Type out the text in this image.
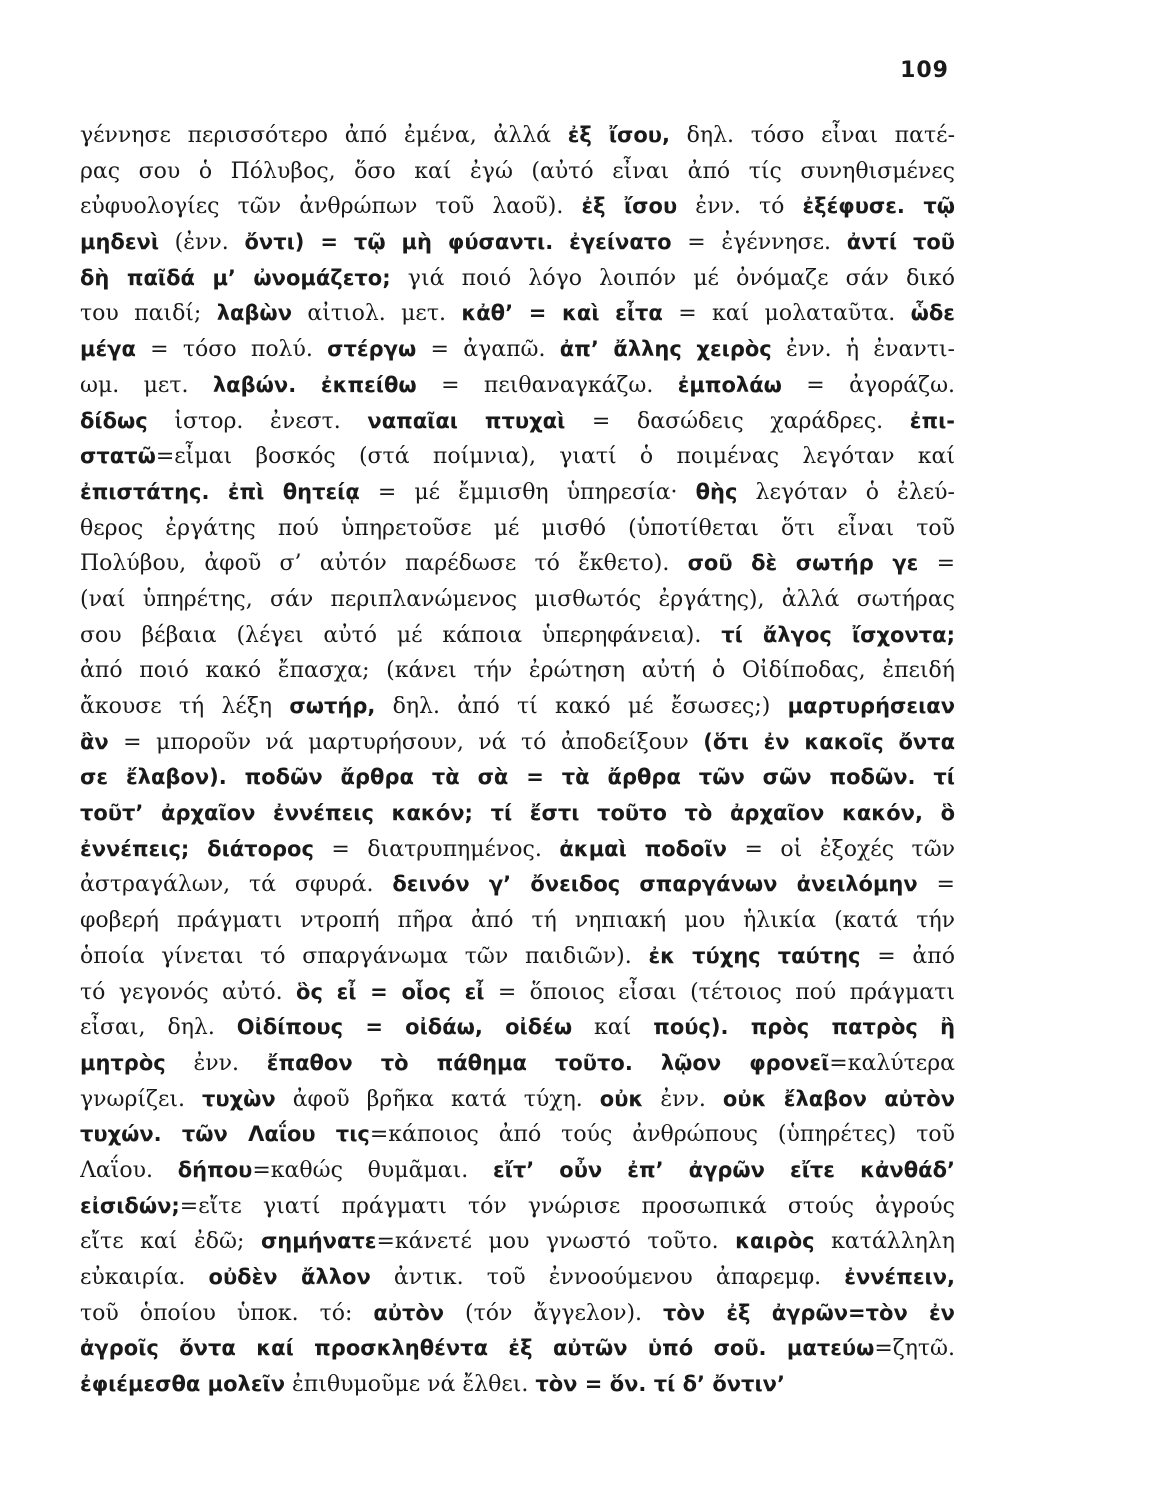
109
γέννησε περισσότερο ἀπό ἐμένα, ἀλλά ἐξ ἴσου, δηλ. τόσο εἶναι πατέ-
ρας σου ὁ Πόλυβος, ὅσο καί ἐγώ (αὐτό εἶναι ἀπό τίς συνηθισμένες
εὐφυολογίες τῶν ἀνθρώπων τοῦ λαοῦ). ἐξ ἴσου ἐνν. τό ἐξέφυσε. τῷ
μηδενὶ (ἐνν. ὄντι) = τῷ μὴ φύσαντι. ἐγείνατο = ἐγέννησε. ἀντί τοῦ
δὴ παῖδά μ’ ὠνομάζετο; γιά ποιό λόγο λοιπόν μέ ὀνόμαζε σάν δικό
του παιδί; λαβὼν αἰτιολ. μετ. κἀθ’ = καὶ εἶτα = καί μολαταῦτα. ὧδε
μέγα = τόσο πολύ. στέργω = ἀγαπῶ. ἀπ’ ἄλλης χειρὸς ἐνν. ἡ ἐναντι-
ωμ. μετ. λαβών. ἐκπείθω = πειθαναγκάζω. ἐμπολάω = ἀγοράζω.
δίδως ἱστορ. ἐνεστ. ναπαῖαι πτυχαὶ = δασώδεις χαράδρες. ἐπι-
στατῶ=εἶμαι βοσκός (στά ποίμνια), γιατί ὁ ποιμένας λεγόταν καί
ἐπιστάτης. ἐπὶ θητείᾳ = μέ ἔμμισθη ὑπηρεσία· θὴς λεγόταν ὁ ἐλεύ-
θερος ἐργάτης πού ὑπηρετοῦσε μέ μισθό (ὑποτίθεται ὅτι εἶναι τοῦ
Πολύβου, ἀφοῦ σ’ αὐτόν παρέδωσε τό ἔκθετο). σοῦ δὲ σωτήρ γε =
(ναί ὑπηρέτης, σάν περιπλανώμενος μισθωτός ἐργάτης), ἀλλά σωτήρας
σου βέβαια (λέγει αὐτό μέ κάποια ὑπερηφάνεια). τί ἄλγος ἴσχοντα;
ἀπό ποιό κακό ἔπασχα; (κάνει τήν ἐρώτηση αὐτή ὁ Οἰδίποδας, ἐπειδή
ἄκουσε τή λέξη σωτήρ, δηλ. ἀπό τί κακό μέ ἔσωσες;) μαρτυρήσειαν
ἂν = μποροῦν νά μαρτυρήσουν, νά τό ἀποδείξουν (ὅτι ἐν κακοῖς ὄντα
σε ἔλαβον). ποδῶν ἄρθρα τὰ σὰ = τὰ ἄρθρα τῶν σῶν ποδῶν. τί
τοῦτ’ ἀρχαῖον ἐννέπεις κακόν; τί ἔστι τοῦτο τὸ ἀρχαῖον κακόν, ὃ
ἐννέπεις; διάτορος = διατρυπημένος. ἀκμαὶ ποδοῖν = οἱ ἐξοχές τῶν
ἀστραγάλων, τά σφυρά. δεινόν γ’ ὄνειδος σπαργάνων ἀνειλόμην =
φοβερή πράγματι ντροπή πῆρα ἀπό τή νηπιακή μου ἡλικία (κατά τήν
ὁποία γίνεται τό σπαργάνωμα τῶν παιδιῶν). ἐκ τύχης ταύτης = ἀπό
τό γεγονός αὐτό. ὃς εἶ = οἷος εἶ = ὅποιος εἶσαι (τέτοιος πού πράγματι
εἶσαι, δηλ. Οἰδίπους = οἰδάω, οἰδέω καί πούς). πρὸς πατρὸς ἢ
μητρὸς ἐνν. ἔπαθον τὸ πάθημα τοῦτο. λῷον φρονεῖ=καλύτερα
γνωρίζει. τυχὼν ἀφοῦ βρῆκα κατά τύχη. οὐκ ἐνν. οὐκ ἔλαβον αὐτὸν
τυχών. τῶν Λαΐου τις=κάποιος ἀπό τούς ἀνθρώπους (ὑπηρέτες) τοῦ
Λαΐου. δήπου=καθώς θυμᾶμαι. εἴτ’ οὖν ἐπ’ ἀγρῶν εἴτε κἀνθάδ’
εἰσιδών;=εἴτε γιατί πράγματι τόν γνώρισε προσωπικά στούς ἀγρούς
εἴτε καί ἐδῶ; σημήνατε=κάνετέ μου γνωστό τοῦτο. καιρὸς κατάλληλη
εὐκαιρία. οὐδὲν ἄλλον ἀντικ. τοῦ ἐννοούμενου ἀπαρεμφ. ἐννέπειν,
τοῦ ὁποίου ὑποκ. τό: αὐτὸν (τόν ἄγγελον). τὸν ἐξ ἀγρῶν=τὸν ἐν
ἀγροῖς ὄντα καί προσκληθέντα ἐξ αὐτῶν ὑπό σοῦ. ματεύω=ζητῶ.
ἐφιέμεσθα μολεῖν ἐπιθυμοῦμε νά ἔλθει. τὸν = ὅν. τί δ’ ὄντιν’
